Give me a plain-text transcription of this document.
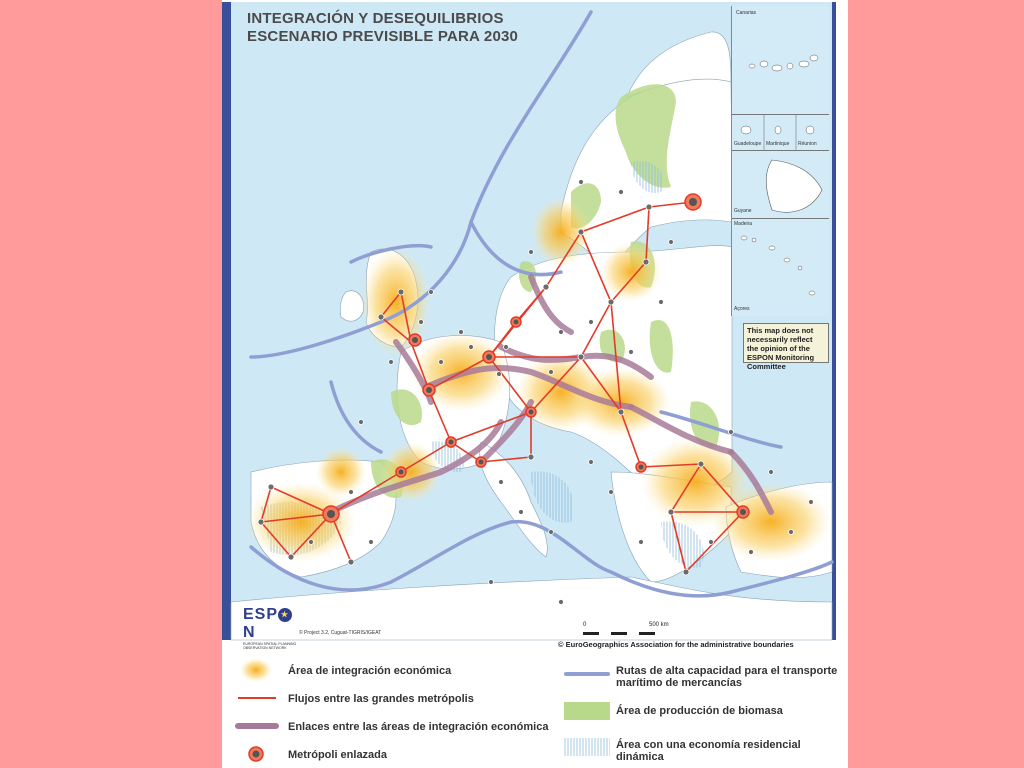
INTEGRACIÓN Y DESEQUILIBRIOS
ESCENARIO PREVISIBLE PARA 2030
Canarias
Guadeloupe Martinique Réunion
Guyane
Madeira
Açores
This map does not necessarily reflect the opinion of the ESPON Monitoring Committee
ESP ★N
EUROPEAN SPATIAL PLANNING OBSERVATION NETWORK
© Project 3.2, Cuguat-TIGRIS/IGEAT
0	500 km
© EuroGeographics Association for the administrative boundaries
Área de integración económica
Flujos entre las grandes metrópolis
Enlaces entre las áreas de integración económica
Metrópoli enlazada
Rutas de alta capacidad para el transporte marítimo de mercancías
Área de producción de biomasa
Área con una economía residencial dinámica
